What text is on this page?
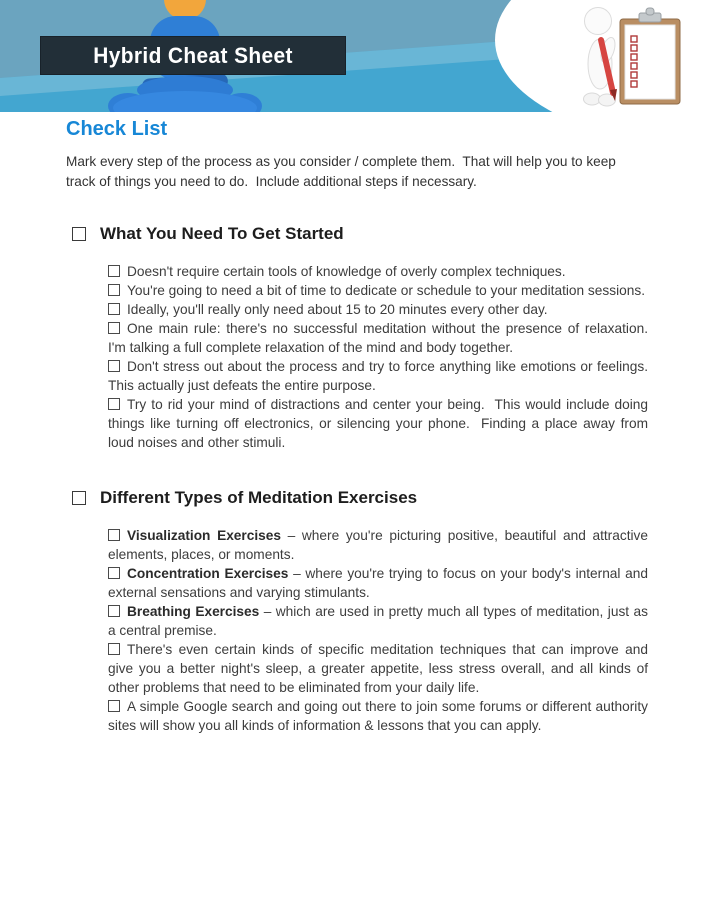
Hybrid Cheat Sheet
Check List

Mark every step of the process as you consider / complete them.  That will help you to keep track of things you need to do.  Include additional steps if necessary.

What You Need To Get Started

Doesn't require certain tools of knowledge of overly complex techniques.

You're going to need a bit of time to dedicate or schedule to your meditation sessions.

Ideally, you'll really only need about 15 to 20 minutes every other day.

One main rule: there's no successful meditation without the presence of relaxation.  I'm talking a full complete relaxation of the mind and body together.

Don't stress out about the process and try to force anything like emotions or feelings.  This actually just defeats the entire purpose.

Try to rid your mind of distractions and center your being.  This would include doing things like turning off electronics, or silencing your phone.  Finding a place away from loud noises and other stimuli.

Different Types of Meditation Exercises

Visualization Exercises – where you're picturing positive, beautiful and attractive elements, places, or moments.

Concentration Exercises – where you're trying to focus on your body's internal and external sensations and varying stimulants.

Breathing Exercises – which are used in pretty much all types of meditation, just as a central premise.

There's even certain kinds of specific meditation techniques that can improve and give you a better night's sleep, a greater appetite, less stress overall, and all kinds of other problems that need to be eliminated from your daily life.

A simple Google search and going out there to join some forums or different authority sites will show you all kinds of information & lessons that you can apply.
